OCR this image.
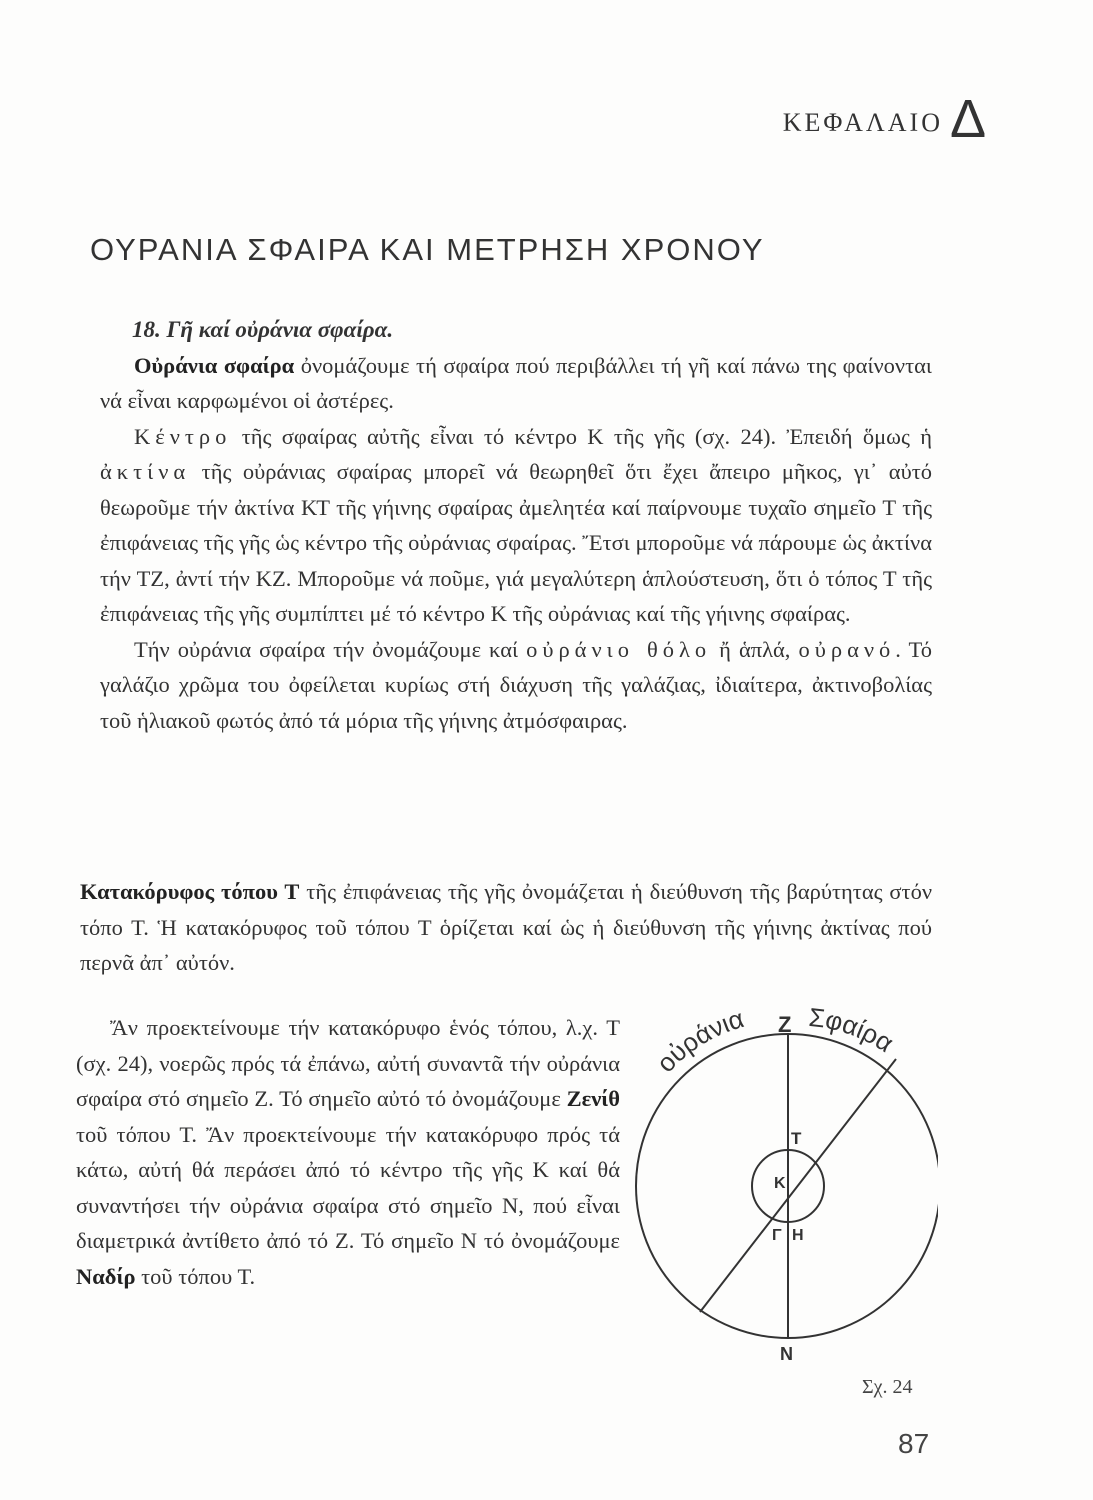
ΚΕΦΑΛΑΙΟ Δ
ΟΥΡΑΝΙΑ ΣΦΑΙΡΑ ΚΑΙ ΜΕΤΡΗΣΗ ΧΡΟΝΟΥ

18. Γῆ καί οὐράνια σφαίρα.

Οὐράνια σφαίρα ὀνομάζουμε τή σφαίρα πού περιβάλλει τή γῆ καί πάνω της φαίνονται νά εἶναι καρφωμένοι οἱ ἀστέρες.

Κέντρο τῆς σφαίρας αὐτῆς εἶναι τό κέντρο Κ τῆς γῆς (σχ. 24). Ἐπειδή ὅμως ἡ ἀκτίνα τῆς οὐράνιας σφαίρας μπορεῖ νά θεωρηθεῖ ὅτι ἔχει ἄπειρο μῆκος, γι᾿ αὐτό θεωροῦμε τήν ἀκτίνα ΚΤ τῆς γήινης σφαίρας ἀμελητέα καί παίρνουμε τυχαῖο σημεῖο Τ τῆς ἐπιφάνειας τῆς γῆς ὡς κέντρο τῆς οὐράνιας σφαίρας. Ἔτσι μποροῦμε νά πάρουμε ὡς ἀκτίνα τήν ΤΖ, ἀντί τήν ΚΖ. Μποροῦμε νά ποῦμε, γιά μεγαλύτερη ἁπλούστευση, ὅτι ὁ τόπος Τ τῆς ἐπιφάνειας τῆς γῆς συμπίπτει μέ τό κέντρο Κ τῆς οὐράνιας καί τῆς γήινης σφαίρας.

Τήν οὐράνια σφαίρα τήν ὀνομάζουμε καί οὐράνιο θόλο ἤ ἁπλά, οὐρανό. Τό γαλάζιο χρῶμα του ὀφείλεται κυρίως στή διάχυση τῆς γαλάζιας, ἰδιαίτερα, ἀκτινοβολίας τοῦ ἡλιακοῦ φωτός ἀπό τά μόρια τῆς γήινης ἀτμόσφαιρας.

Κατακόρυφος τόπου Τ τῆς ἐπιφάνειας τῆς γῆς ὀνομάζεται ἡ διεύθυνση τῆς βαρύτητας στόν τόπο Τ. Ἡ κατακόρυφος τοῦ τόπου Τ ὁρίζεται καί ὡς ἡ διεύθυνση τῆς γήινης ἀκτίνας πού περνᾶ ἀπ᾿ αὐτόν.

Ἄν προεκτείνουμε τήν κατακόρυφο ἑνός τόπου, λ.χ. Τ (σχ. 24), νοερῶς πρός τά ἐπάνω, αὐτή συναντᾶ τήν οὐράνια σφαίρα στό σημεῖο Ζ. Τό σημεῖο αὐτό τό ὀνομάζουμε Ζενίθ τοῦ τόπου Τ. Ἄν προεκτείνουμε τήν κατακόρυφο πρός τά κάτω, αὐτή θά περάσει ἀπό τό κέντρο τῆς γῆς Κ καί θά συναντήσει τήν οὐράνια σφαίρα στό σημεῖο Ν, πού εἶναι διαμετρικά ἀντίθετο ἀπό τό Ζ. Τό σημεῖο Ν τό ὀνομάζουμε Ναδίρ τοῦ τόπου Τ.

οὐράνια Σφαίρα
Ζ
Τ
Κ
Γ Η
Ν
Σχ. 24
87
